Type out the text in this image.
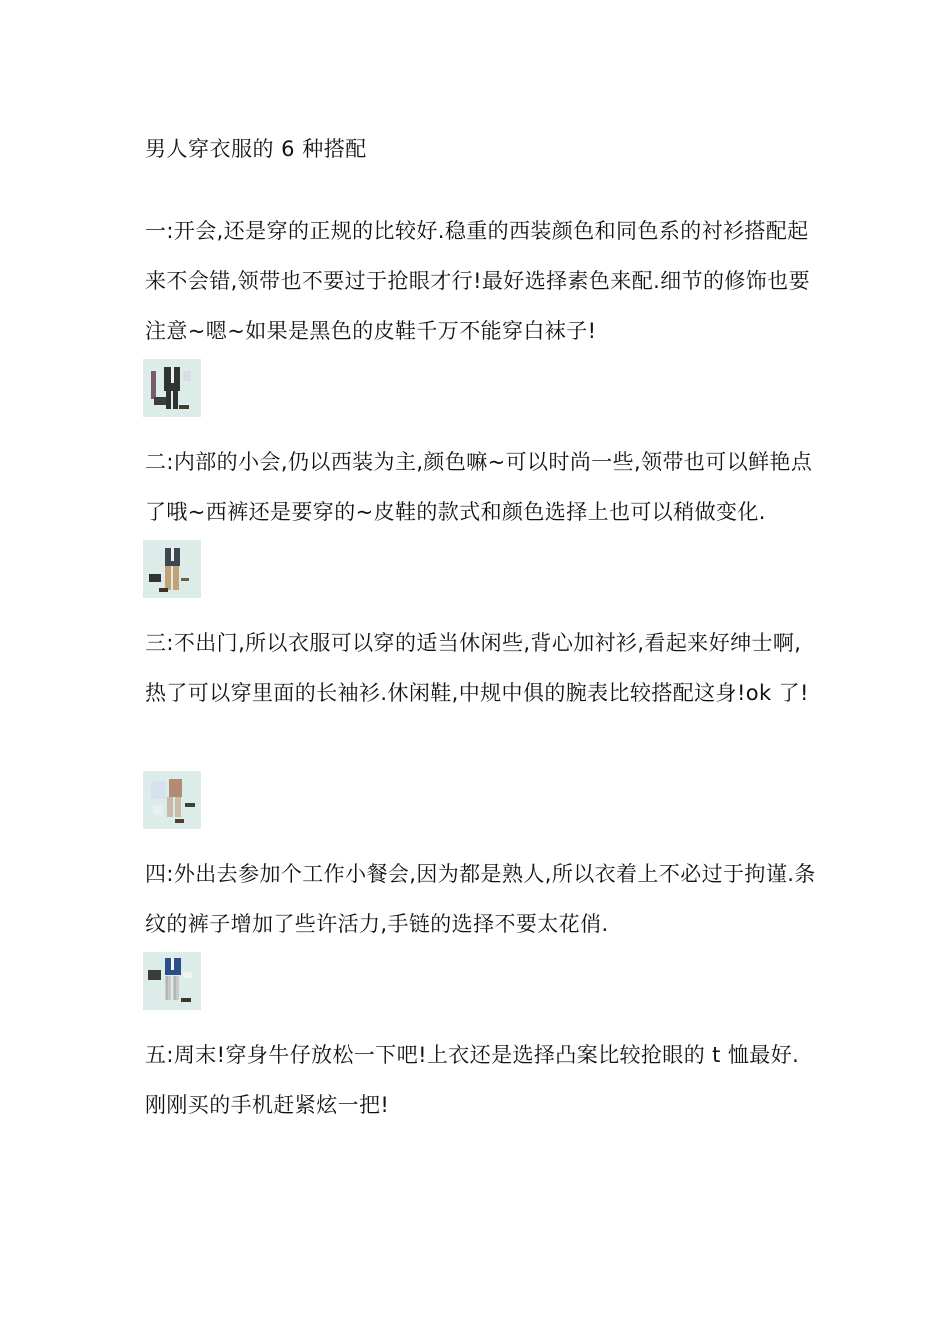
男人穿衣服的 6 种搭配
一:开会,还是穿的正规的比较好.稳重的西装颜色和同色系的衬衫搭配起来不会错,领带也不要过于抢眼才行!最好选择素色来配.细节的修饰也要注意~嗯~如果是黑色的皮鞋千万不能穿白袜子!
二:内部的小会,仍以西装为主,颜色嘛~可以时尚一些,领带也可以鲜艳点了哦~西裤还是要穿的~皮鞋的款式和颜色选择上也可以稍做变化.
三:不出门,所以衣服可以穿的适当休闲些,背心加衬衫,看起来好绅士啊,热了可以穿里面的长袖衫.休闲鞋,中规中俱的腕表比较搭配这身!ok 了!
四:外出去参加个工作小餐会,因为都是熟人,所以衣着上不必过于拘谨.条纹的裤子增加了些许活力,手链的选择不要太花俏.
五:周末!穿身牛仔放松一下吧!上衣还是选择凸案比较抢眼的 t 恤最好.刚刚买的手机赶紧炫一把!
